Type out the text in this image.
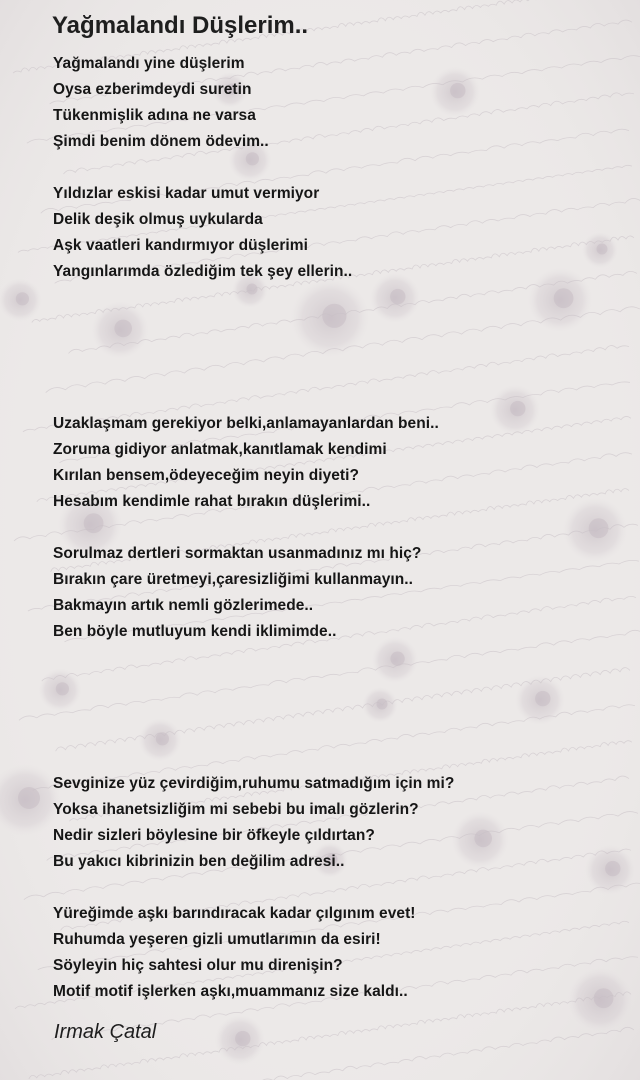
Yağmalandı Düşlerim..
Yağmalandı yine düşlerim
Oysa ezberimdeydi suretin
Tükenmişlik adına ne varsa
Şimdi benim dönem ödevim..
Yıldızlar eskisi kadar umut vermiyor
Delik deşik olmuş uykularda
Aşk vaatleri kandırmıyor düşlerimi
Yangınlarımda özlediğim tek şey ellerin..
Uzaklaşmam gerekiyor belki,anlamayanlardan beni..
Zoruma gidiyor anlatmak,kanıtlamak kendimi
Kırılan bensem,ödeyeceğim neyin diyeti?
Hesabım kendimle rahat bırakın düşlerimi..
Sorulmaz dertleri sormaktan usanmadınız mı hiç?
Bırakın çare üretmeyi,çaresizliğimi kullanmayın..
Bakmayın artık nemli gözlerimede..
Ben böyle mutluyum kendi iklimimde..
Sevginize yüz çevirdiğim,ruhumu satmadığım için mi?
Yoksa ihanetsizliğim mi sebebi bu imalı gözlerin?
Nedir sizleri böylesine bir öfkeyle çıldırtan?
Bu yakıcı kibrinizin ben değilim adresi..
Yüreğimde aşkı barındıracak kadar çılgınım evet!
Ruhumda yeşeren gizli umutlarımın da esiri!
Söyleyin hiç sahtesi olur mu direnişin?
Motif motif işlerken aşkı,muammanız size kaldı..
Irmak Çatal
